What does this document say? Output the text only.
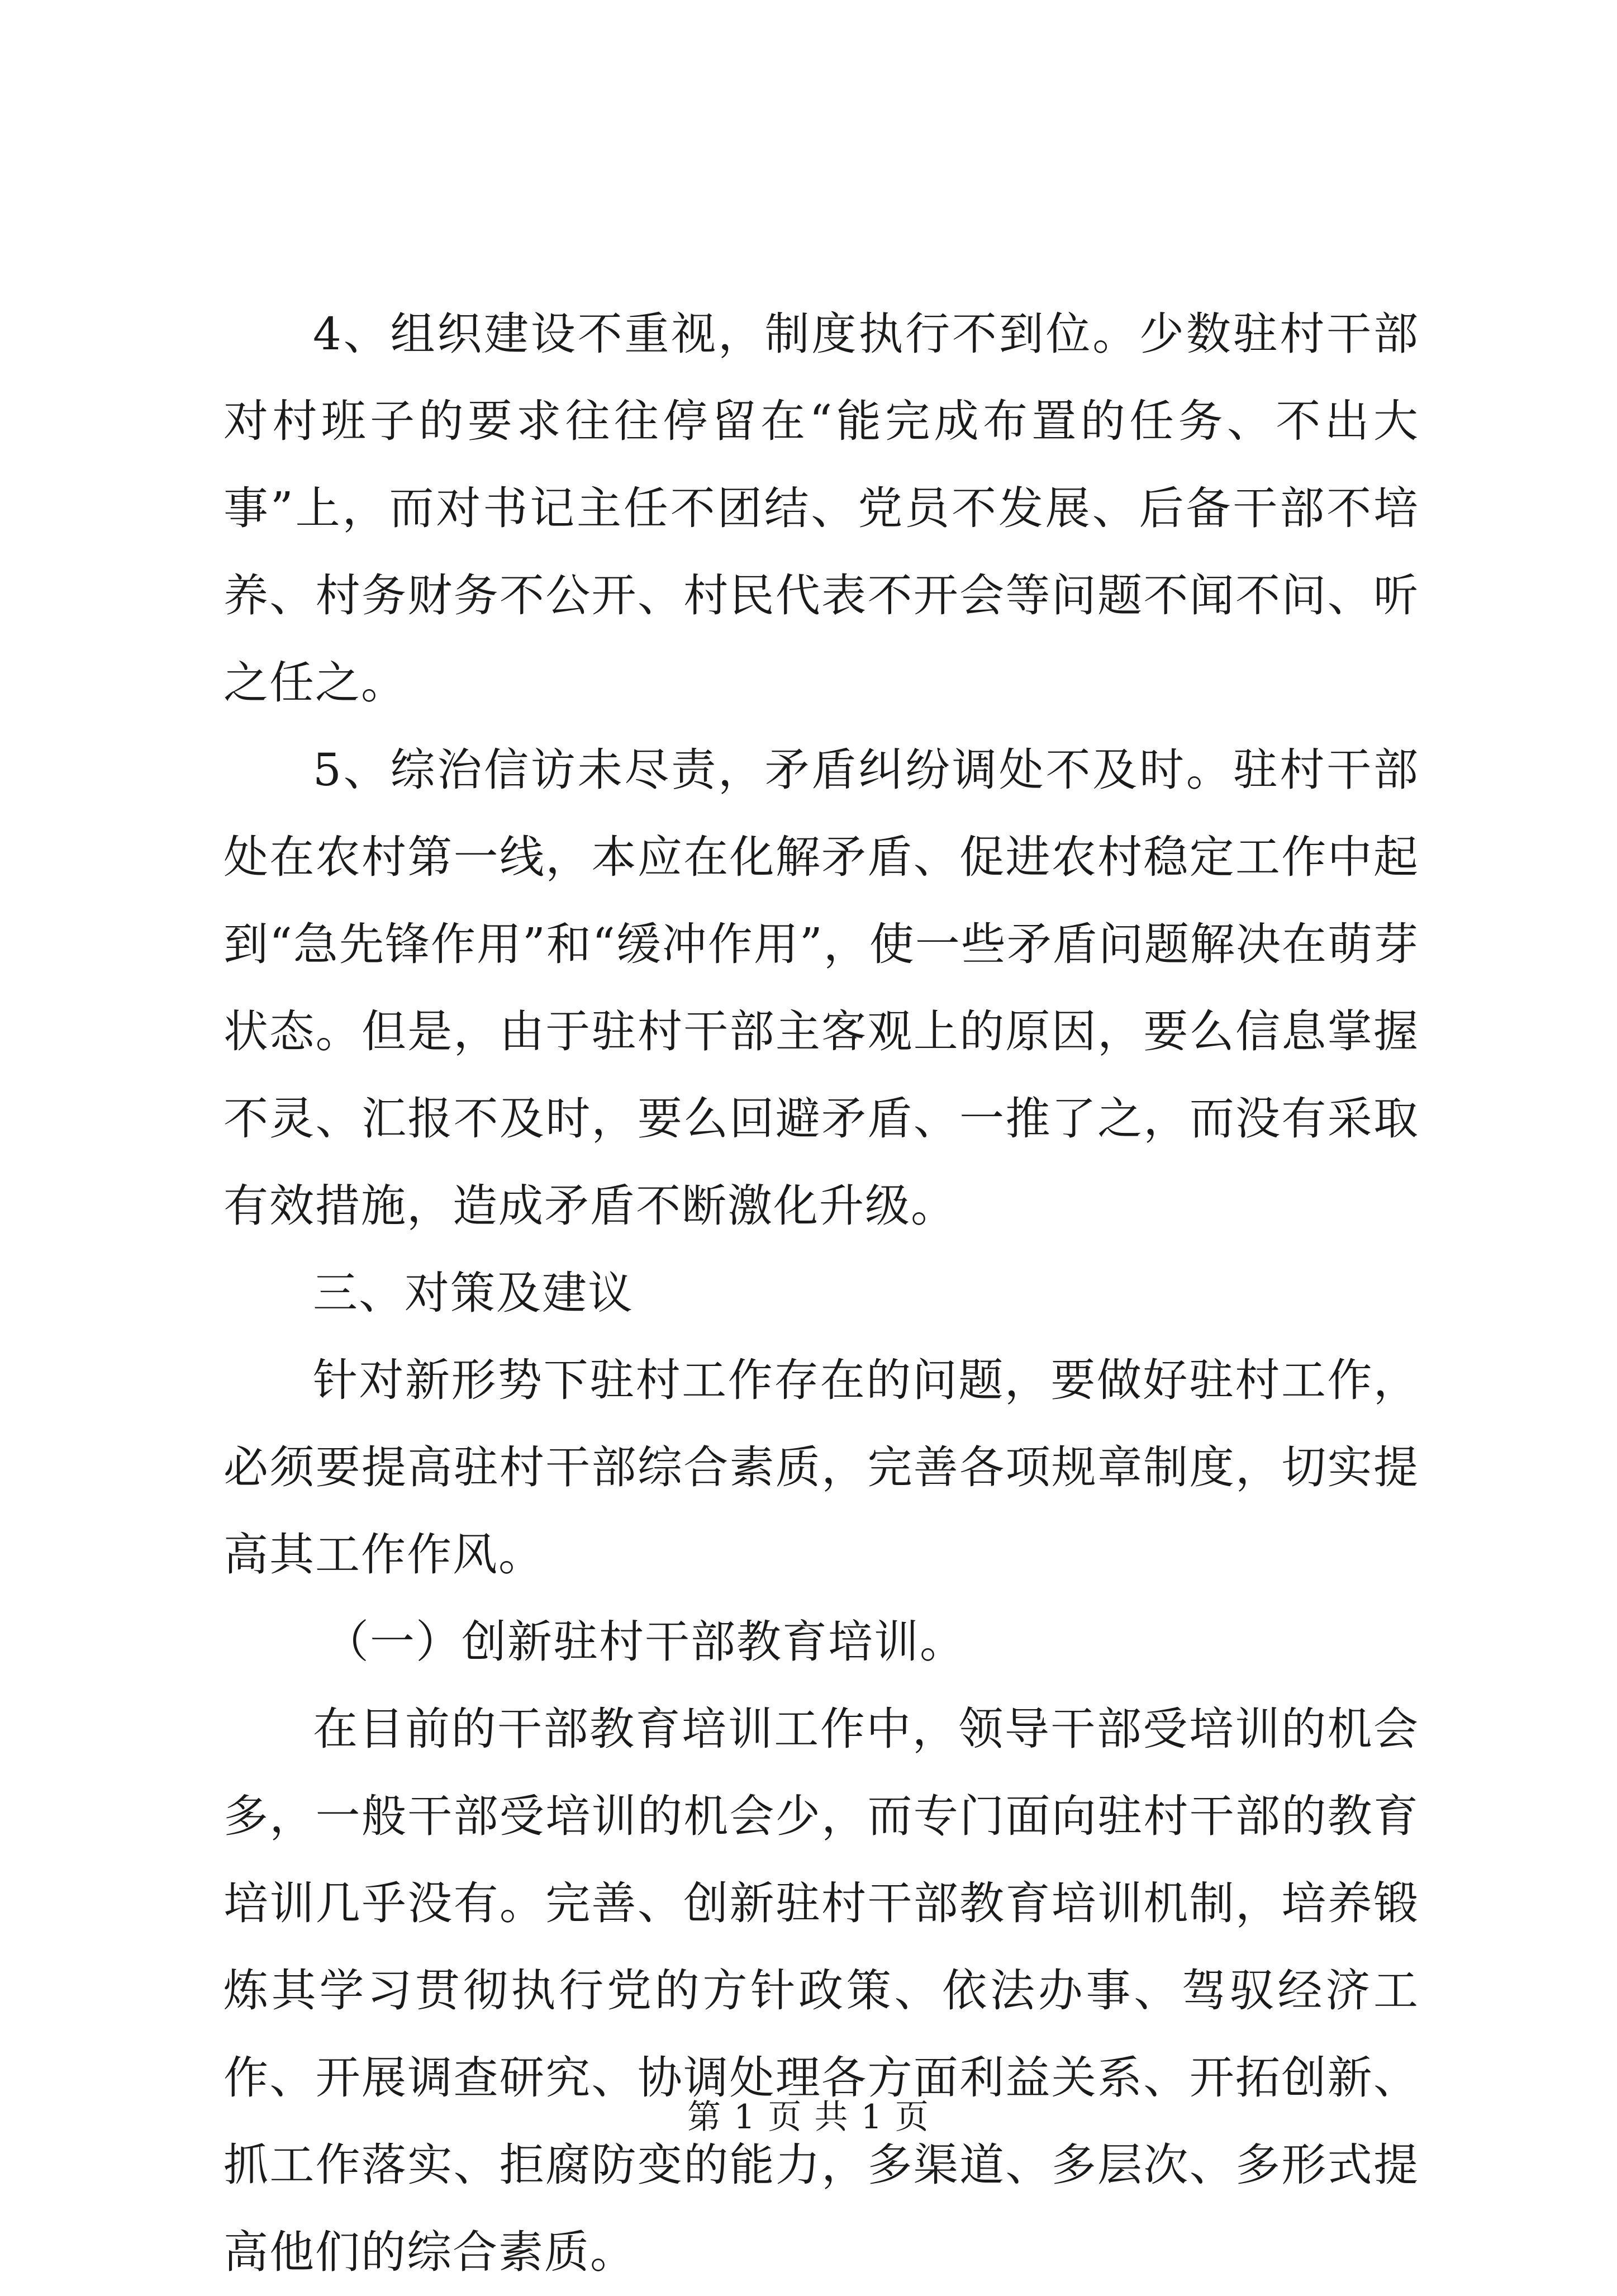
4、组织建设不重视，制度执行不到位。少数驻村干部对村班子的要求往往停留在“能完成布置的任务、不出大事”上，而对书记主任不团结、党员不发展、后备干部不培养、村务财务不公开、村民代表不开会等问题不闻不问、听之任之。

5、综治信访未尽责，矛盾纠纷调处不及时。驻村干部处在农村第一线，本应在化解矛盾、促进农村稳定工作中起到“急先锋作用”和“缓冲作用”，使一些矛盾问题解决在萌芽状态。但是，由于驻村干部主客观上的原因，要么信息掌握不灵、汇报不及时，要么回避矛盾、一推了之，而没有采取有效措施，造成矛盾不断激化升级。

三、对策及建议

针对新形势下驻村工作存在的问题，要做好驻村工作，必须要提高驻村干部综合素质，完善各项规章制度，切实提高其工作作风。

（一）创新驻村干部教育培训。

在目前的干部教育培训工作中，领导干部受培训的机会多，一般干部受培训的机会少，而专门面向驻村干部的教育培训几乎没有。完善、创新驻村干部教育培训机制，培养锻炼其学习贯彻执行党的方针政策、依法办事、驾驭经济工作、开展调查研究、协调处理各方面利益关系、开拓创新、抓工作落实、拒腐防变的能力，多渠道、多层次、多形式提高他们的综合素质。

第 1 页 共 1 页
